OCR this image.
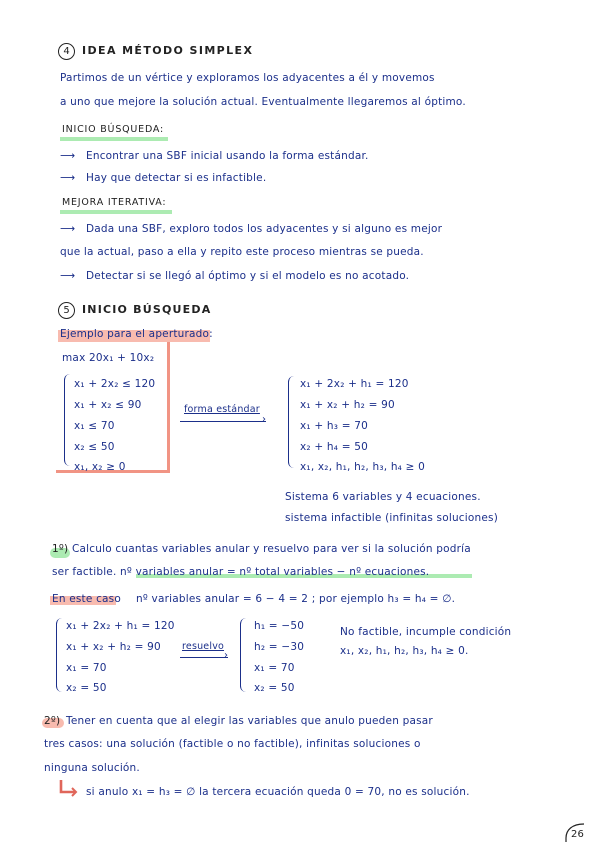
4	IDEA MÉTODO SIMPLEX
Partimos de un vértice y exploramos los adyacentes a él y movemos
a uno que mejore la solución actual. Eventualmente llegaremos al óptimo.
INICIO BÚSQUEDA:
⟶ Encontrar una SBF inicial usando la forma estándar.
⟶ Hay que detectar si es infactible.
MEJORA ITERATIVA:
⟶ Dada una SBF, exploro todos los adyacentes y si alguno es mejor
que la actual, paso a ella y repito este proceso mientras se pueda.
⟶ Detectar si se llegó al óptimo y si el modelo es no acotado.
5	INICIO BÚSQUEDA
Ejemplo para el aperturado:
max 20x₁ + 10x₂
x₁ + 2x₂ ≤ 120
x₁ + x₂ ≤ 90
x₁ ≤ 70
x₂ ≤ 50
x₁, x₂ ≥ 0
forma estándar
›
x₁ + 2x₂ + h₁ = 120
x₁ + x₂ + h₂ = 90
x₁ + h₃ = 70
x₂ + h₄ = 50
x₁, x₂, h₁, h₂, h₃, h₄ ≥ 0
Sistema 6 variables y 4 ecuaciones.
sistema infactible (infinitas soluciones)
1º) Calculo cuantas variables anular y resuelvo para ver si la solución podría
ser factible. nº variables anular = nº total variables − nº ecuaciones.
En este caso nº variables anular = 6 − 4 = 2 ; por ejemplo h₃ = h₄ = ∅.
x₁ + 2x₂ + h₁ = 120
x₁ + x₂ + h₂ = 90
x₁ = 70
x₂ = 50
resuelvo
›
h₁ = −50
h₂ = −30
x₁ = 70
x₂ = 50
No factible, incumple condición
x₁, x₂, h₁, h₂, h₃, h₄ ≥ 0.
2º) Tener en cuenta que al elegir las variables que anulo pueden pasar
tres casos: una solución (factible o no factible), infinitas soluciones o
ninguna solución.
si anulo x₁ = h₃ = ∅ la tercera ecuación queda 0 = 70, no es solución.
26
